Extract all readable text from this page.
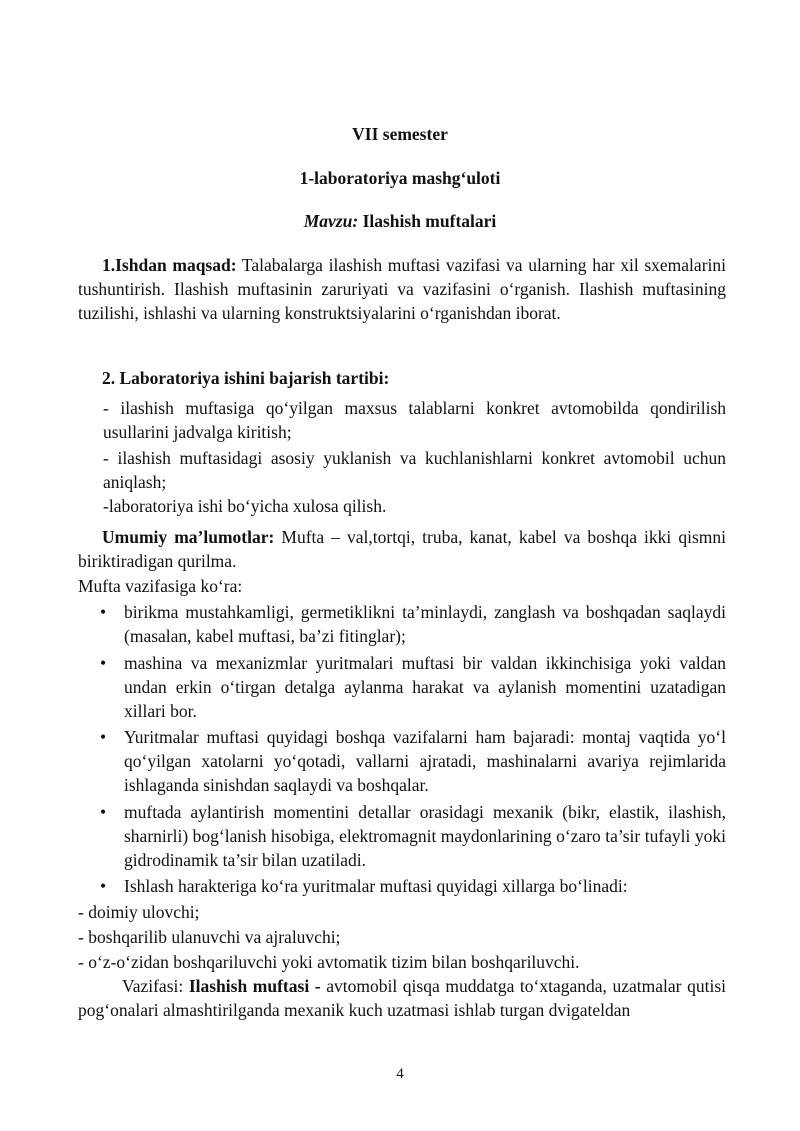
VII semester
1-laboratoriya mashg‘uloti
Mavzu: Ilashish muftalari
1.Ishdan maqsad: Talabalarga ilashish muftasi vazifasi va ularning har xil sxemalarini tushuntirish. Ilashish muftasinin zaruriyati va vazifasini o‘rganish. Ilashish muftasining tuzilishi, ishlashi va ularning konstruktsiyalarini o‘rganishdan iborat.
2. Laboratoriya ishini bajarish tartibi:
- ilashish muftasiga qo‘yilgan maxsus talablarni konkret avtomobilda qondirilish usullarini jadvalga kiritish;
- ilashish muftasidagi asosiy yuklanish va kuchlanishlarni konkret avtomobil uchun aniqlash;
-laboratoriya ishi bo‘yicha xulosa qilish.
Umumiy ma’lumotlar: Mufta – val,tortqi, truba, kanat, kabel va boshqa ikki qismni biriktiradigan qurilma.
Mufta vazifasiga ko‘ra:
• birikma mustahkamligi, germetiklikni ta’minlaydi, zanglash va boshqadan saqlaydi (masalan, kabel muftasi, ba’zi fitinglar);
• mashina va mexanizmlar yuritmalari muftasi bir valdan ikkinchisiga yoki valdan undan erkin o‘tirgan detalga aylanma harakat va aylanish momentini uzatadigan xillari bor.
• Yuritmalar muftasi quyidagi boshqa vazifalarni ham bajaradi: montaj vaqtida yo‘l qo‘yilgan xatolarni yo‘qotadi, vallarni ajratadi, mashinalarni avariya rejimlarida ishlaganda sinishdan saqlaydi va boshqalar.
• muftada aylantirish momentini detallar orasidagi mexanik (bikr, elastik, ilashish, sharnirli) bog‘lanish hisobiga, elektromagnit maydonlarining o‘zaro ta’sir tufayli yoki gidrodinamik ta’sir bilan uzatiladi.
• Ishlash harakteriga ko‘ra yuritmalar muftasi quyidagi xillarga bo‘linadi:
- doimiy ulovchi;
- boshqarilib ulanuvchi va ajraluvchi;
- o‘z-o‘zidan boshqariluvchi yoki avtomatik tizim bilan boshqariluvchi.
Vazifasi: Ilashish muftasi - avtomobil qisqa muddatga to‘xtaganda, uzatmalar qutisi pog‘onalari almashtirilganda mexanik kuch uzatmasi ishlab turgan dvigateldan
4
